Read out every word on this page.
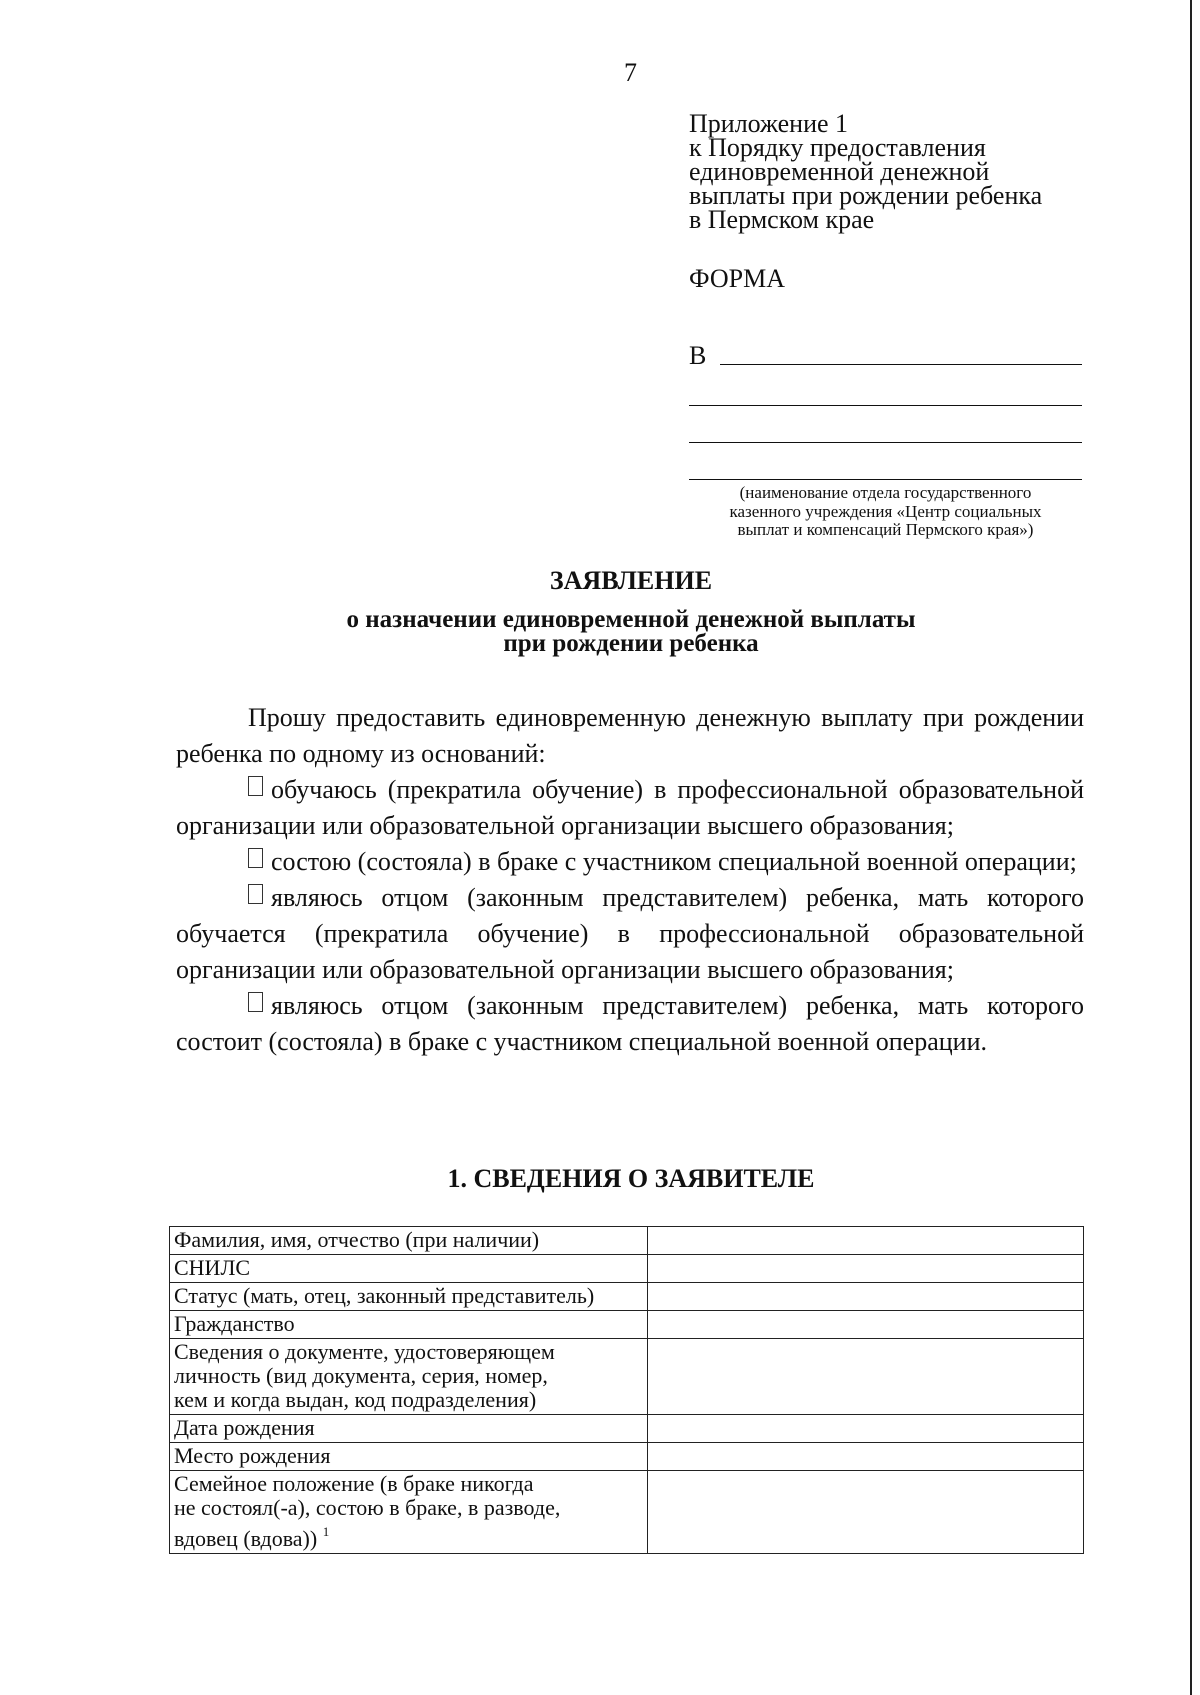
7
Приложение 1
к Порядку предоставления
единовременной денежной
выплаты при рождении ребенка
в Пермском крае
ФОРМА
В
(наименование отдела государственного
казенного учреждения «Центр социальных
выплат и компенсаций Пермского края»)
ЗАЯВЛЕНИЕ
о назначении единовременной денежной выплаты
при рождении ребенка

Прошу предоставить единовременную денежную выплату при рождении ребенка по одному из оснований:

обучаюсь (прекратила обучение) в профессиональной образовательной организации или образовательной организации высшего образования;

состою (состояла) в браке с участником специальной военной операции;

являюсь отцом (законным представителем) ребенка, мать которого обучается (прекратила обучение) в профессиональной образовательной организации или образовательной организации высшего образования;

являюсь отцом (законным представителем) ребенка, мать которого состоит (состояла) в браке с участником специальной военной операции.

1. СВЕДЕНИЯ О ЗАЯВИТЕЛЕ
Фамилия, имя, отчество (при наличии)	

СНИЛС	

Статус (мать, отец, законный представитель)	

Гражданство	

Сведения о документе, удостоверяющем
личность (вид документа, серия, номер,
кем и когда выдан, код подразделения)	

Дата рождения	

Место рождения	

Семейное положение (в браке никогда
не состоял(-а), состою в браке, в разводе,
вдовец (вдова)) $^1$
